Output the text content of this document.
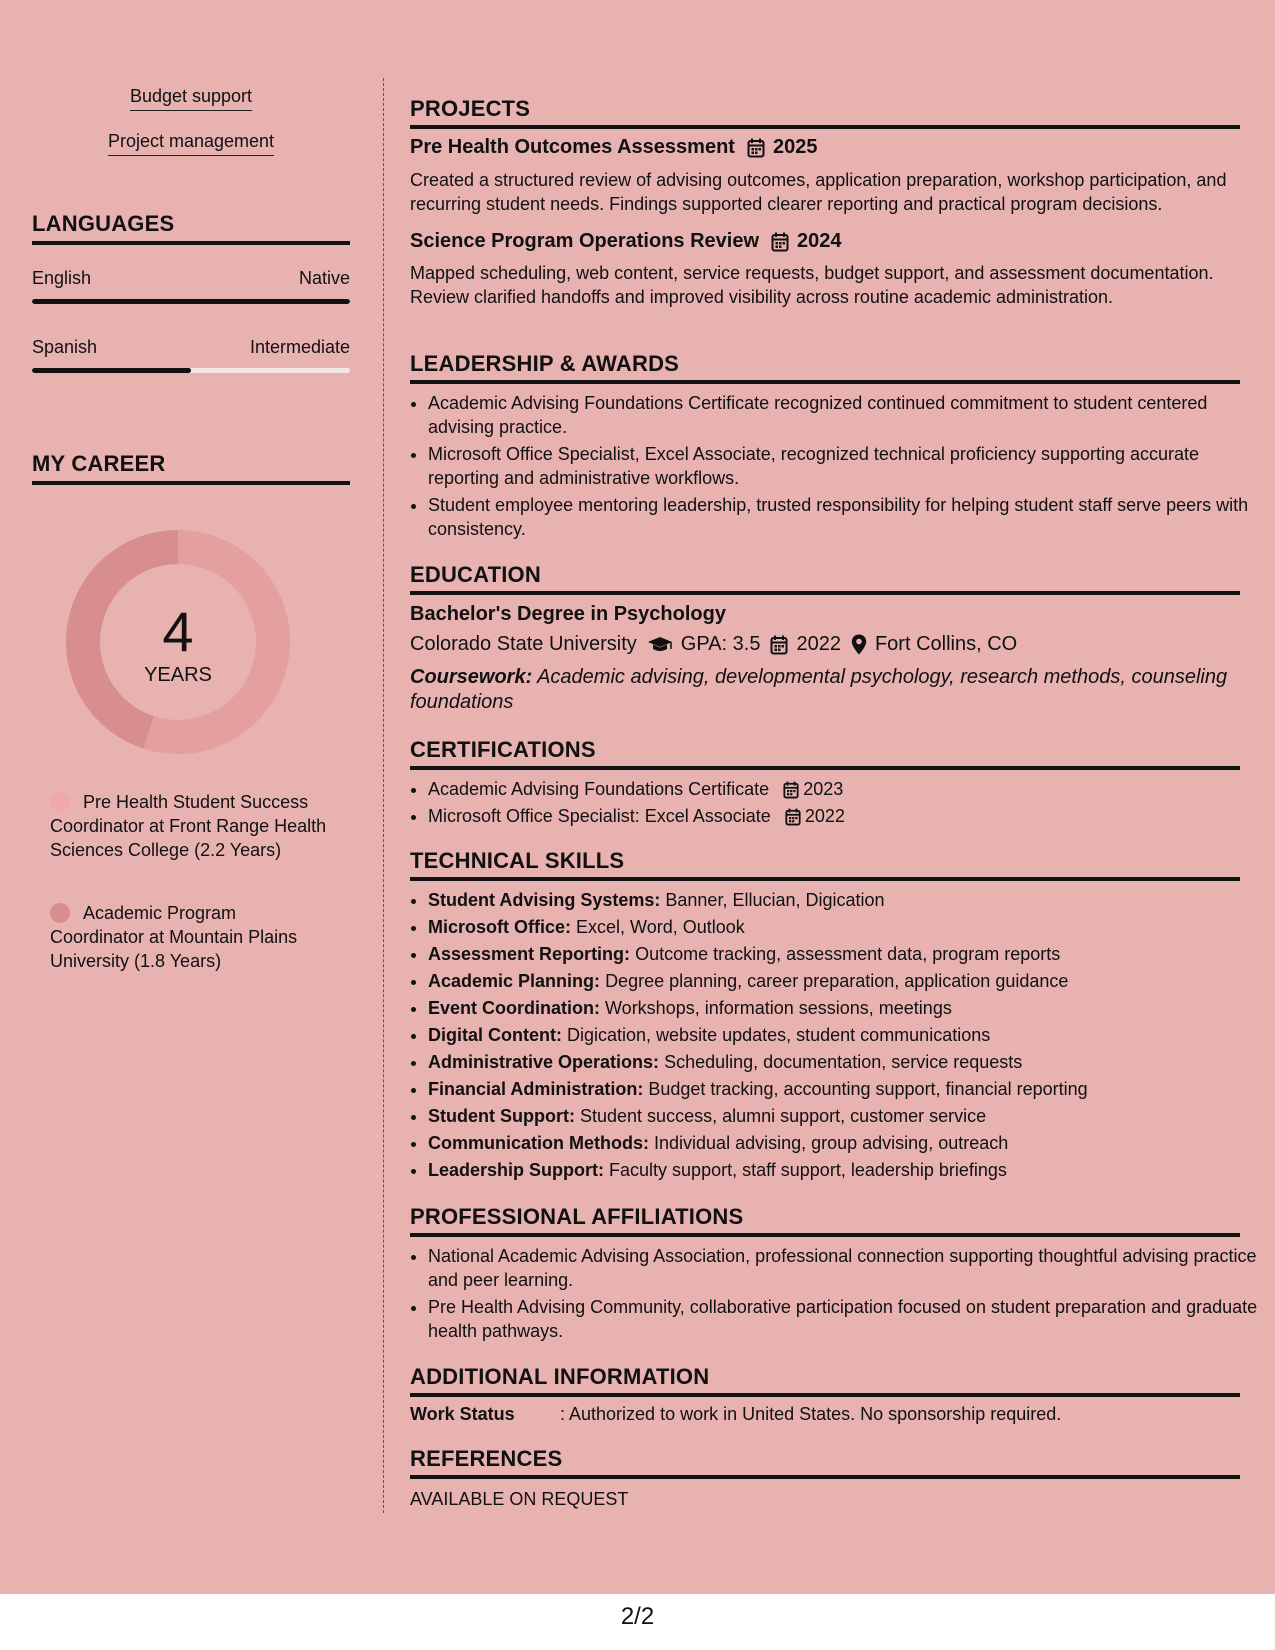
Budget support
Project management
LANGUAGES
English	Native
Spanish	Intermediate
MY CAREER
4
YEARS
Pre Health Student Success Coordinator at Front Range Health Sciences College (2.2 Years)
Academic Program Coordinator at Mountain Plains University (1.8 Years)
PROJECTS
Pre Health Outcomes Assessment 2025
Created a structured review of advising outcomes, application preparation, workshop participation, and recurring student needs. Findings supported clearer reporting and practical program decisions.
Science Program Operations Review 2024
Mapped scheduling, web content, service requests, budget support, and assessment documentation. Review clarified handoffs and improved visibility across routine academic administration.
LEADERSHIP & AWARDS
• Academic Advising Foundations Certificate recognized continued commitment to student centered advising practice.
• Microsoft Office Specialist, Excel Associate, recognized technical proficiency supporting accurate reporting and administrative workflows.
• Student employee mentoring leadership, trusted responsibility for helping student staff serve peers with consistency.
EDUCATION
Bachelor's Degree in Psychology
Colorado State University GPA: 3.5 2022 Fort Collins, CO
Coursework: Academic advising, developmental psychology, research methods, counseling foundations
CERTIFICATIONS
• Academic Advising Foundations Certificate 2023
• Microsoft Office Specialist: Excel Associate 2022
TECHNICAL SKILLS
• Student Advising Systems: Banner, Ellucian, Digication
• Microsoft Office: Excel, Word, Outlook
• Assessment Reporting: Outcome tracking, assessment data, program reports
• Academic Planning: Degree planning, career preparation, application guidance
• Event Coordination: Workshops, information sessions, meetings
• Digital Content: Digication, website updates, student communications
• Administrative Operations: Scheduling, documentation, service requests
• Financial Administration: Budget tracking, accounting support, financial reporting
• Student Support: Student success, alumni support, customer service
• Communication Methods: Individual advising, group advising, outreach
• Leadership Support: Faculty support, staff support, leadership briefings
PROFESSIONAL AFFILIATIONS
• National Academic Advising Association, professional connection supporting thoughtful advising practice and peer learning.
• Pre Health Advising Community, collaborative participation focused on student preparation and graduate health pathways.
ADDITIONAL INFORMATION
Work Status	: Authorized to work in United States. No sponsorship required.
REFERENCES
AVAILABLE ON REQUEST
2/2
